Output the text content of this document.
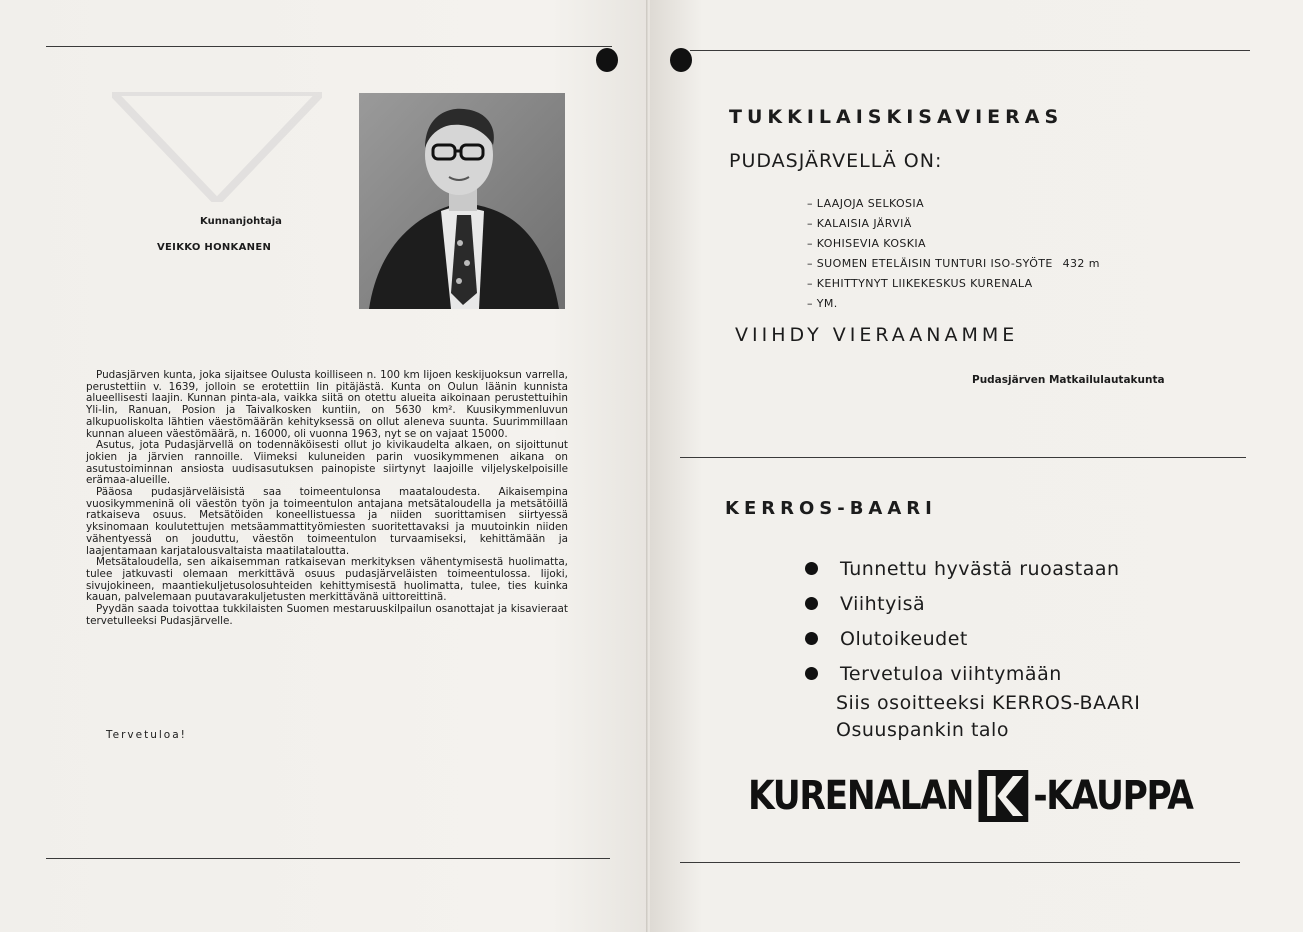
Kunnanjohtaja
VEIKKO HONKANEN

Pudasjärven kunta, joka sijaitsee Oulusta koilliseen n. 100 km Iijoen keskijuoksun varrella, perustettiin v. 1639, jolloin se erotettiin Iin pitäjästä. Kunta on Oulun läänin kunnista alueellisesti laajin. Kunnan pinta-ala, vaikka siitä on otettu alueita aikoinaan perustettuihin Yli-Iin, Ranuan, Posion ja Taivalkosken kuntiin, on 5630 km². Kuusikymmenluvun alkupuoliskolta lähtien väestömäärän kehityksessä on ollut aleneva suunta. Suurimmillaan kunnan alueen väestömäärä, n. 16000, oli vuonna 1963, nyt se on vajaat 15000.

Asutus, jota Pudasjärvellä on todennäköisesti ollut jo kivikaudelta alkaen, on sijoittunut jokien ja järvien rannoille. Viimeksi kuluneiden parin vuosikymmenen aikana on asutustoiminnan ansiosta uudisasutuksen painopiste siirtynyt laajoille viljelyskelpoisille erämaa-alueille.

Pääosa pudasjärveläisistä saa toimeentulonsa maataloudesta. Aikaisempina vuosikymmeninä oli väestön työn ja toimeentulon antajana metsätaloudella ja metsätöillä ratkaiseva osuus. Metsätöiden koneellistuessa ja niiden suorittamisen siirtyessä yksinomaan koulutettujen metsäammattityömiesten suoritettavaksi ja muutoinkin niiden vähentyessä on jouduttu, väestön toimeentulon turvaamiseksi, kehittämään ja laajentamaan karjatalousvaltaista maatilataloutta.

Metsätaloudella, sen aikaisemman ratkaisevan merkityksen vähentymisestä huolimatta, tulee jatkuvasti olemaan merkittävä osuus pudasjärveläisten toimeentulossa. Iijoki, sivujokineen, maantiekuljetusolosuhteiden kehittymisestä huolimatta, tulee, ties kuinka kauan, palvelemaan puutavarakuljetusten merkittävänä uittoreittinä.

Pyydän saada toivottaa tukkilaisten Suomen mestaruuskilpailun osanottajat ja kisavieraat tervetulleeksi Pudasjärvelle.

Tervetuloa!
TUKKILAISKISAVIERAS
PUDASJÄRVELLÄ ON:
– LAAJOJA SELKOSIA
– KALAISIA JÄRVIÄ
– KOHISEVIA KOSKIA
– SUOMEN ETELÄISIN TUNTURI ISO-SYÖTE 432 m
– KEHITTYNYT LIIKEKESKUS KURENALA
– YM.
VIIHDY VIERAANAMME
Pudasjärven Matkailulautakunta
KERROS-BAARI
Tunnettu hyvästä ruoastaan
Viihtyisä
Olutoikeudet
Tervetuloa viihtymään
Siis osoitteeksi KERROS-BAARI
Osuuspankin talo
KURENALAN -KAUPPA
